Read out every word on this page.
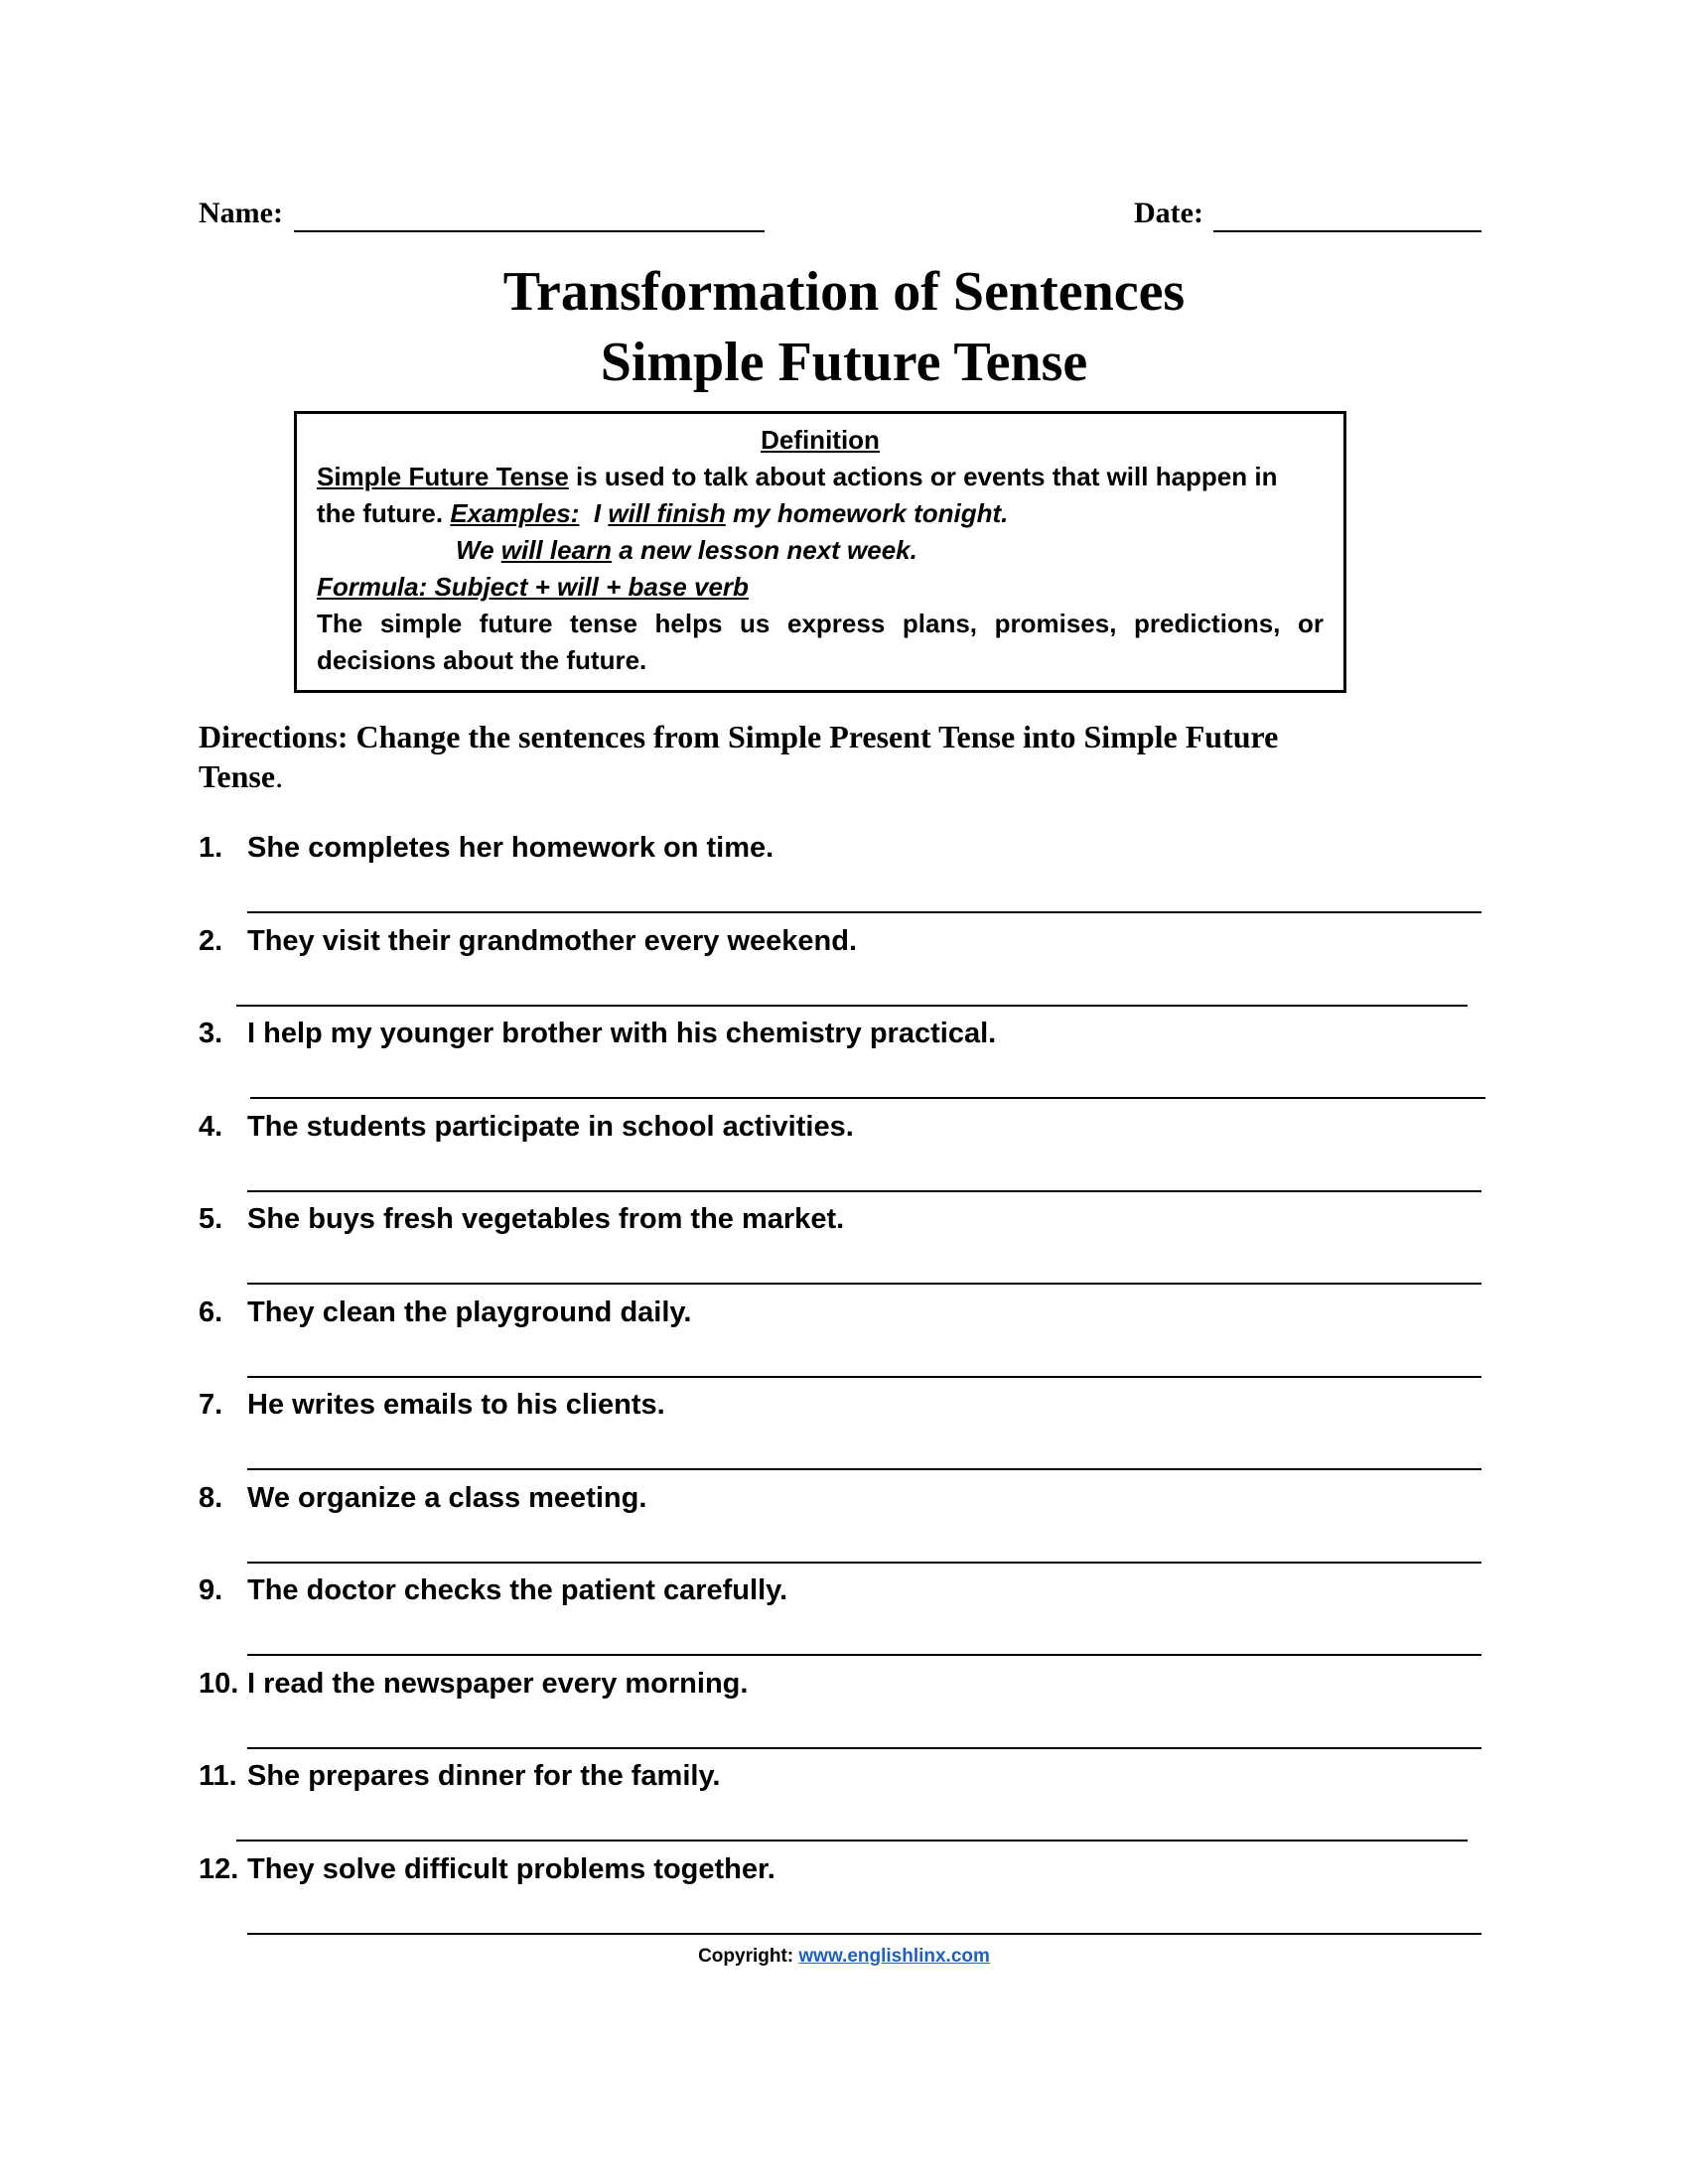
Name:	Date:
Transformation of Sentences
Simple Future Tense
Definition
Simple Future Tense is used to talk about actions or events that will happen in
the future. Examples: I will finish my homework tonight.
We will learn a new lesson next week.
Formula: Subject + will + base verb
The simple future tense helps us express plans, promises, predictions, or
decisions about the future.
Directions: Change the sentences from Simple Present Tense into Simple Future
Tense.
1. She completes her homework on time.
2. They visit their grandmother every weekend.
3. I help my younger brother with his chemistry practical.
4. The students participate in school activities.
5. She buys fresh vegetables from the market.
6. They clean the playground daily.
7. He writes emails to his clients.
8. We organize a class meeting.
9. The doctor checks the patient carefully.
10. I read the newspaper every morning.
11. She prepares dinner for the family.
12. They solve difficult problems together.
Copyright: www.englishlinx.com
